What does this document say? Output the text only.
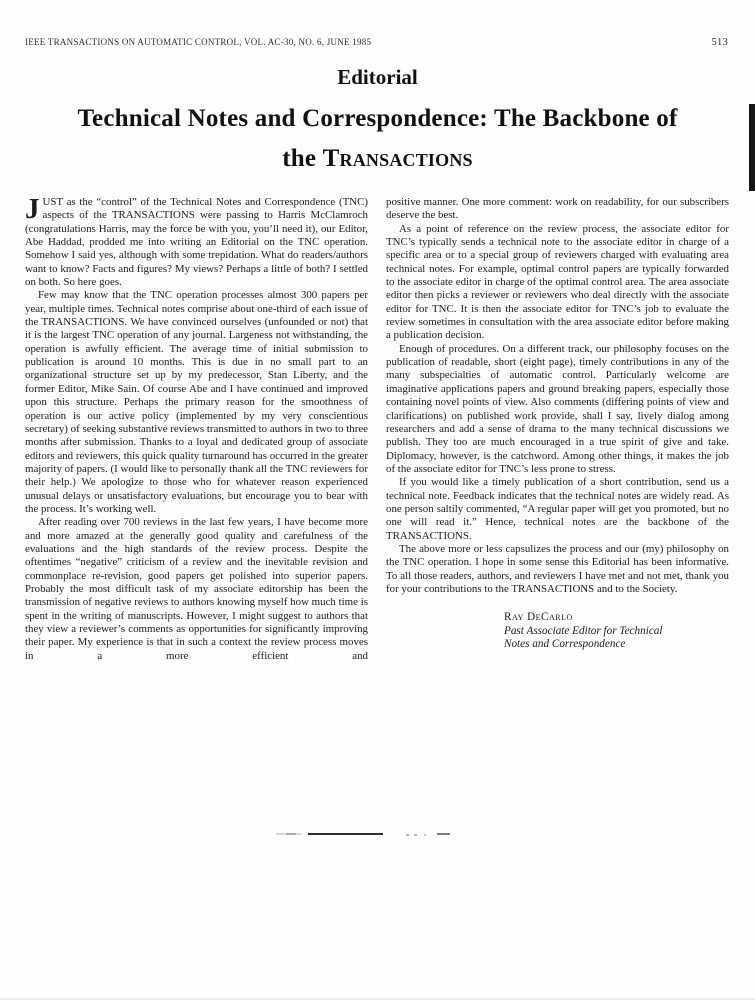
IEEE TRANSACTIONS ON AUTOMATIC CONTROL, VOL. AC-30, NO. 6, JUNE 1985	513
Editorial
Technical Notes and Correspondence: The Backbone of
the Transactions

JUST as the “control” of the Technical Notes and Correspondence (TNC) aspects of the TRANSACTIONS were passing to Harris McClamroch (congratulations Harris, may the force be with you, you’ll need it), our Editor, Abe Haddad, prodded me into writing an Editorial on the TNC operation. Somehow I said yes, although with some trepidation. What do readers/authors want to know? Facts and figures? My views? Perhaps a little of both? I settled on both. So here goes.

Few may know that the TNC operation processes almost 300 papers per year, multiple times. Technical notes comprise about one-third of each issue of the TRANSACTIONS. We have convinced ourselves (unfounded or not) that it is the largest TNC operation of any journal. Largeness not withstanding, the operation is awfully efficient. The average time of initial submission to publication is around 10 months. This is due in no small part to an organizational structure set up by my predecessor, Stan Liberty, and the former Editor, Mike Sain. Of course Abe and I have continued and improved upon this structure. Perhaps the primary reason for the smoothness of operation is our active policy (implemented by my very conscientious secretary) of seeking substantive reviews transmitted to authors in two to three months after submission. Thanks to a loyal and dedicated group of associate editors and reviewers, this quick quality turnaround has occurred in the greater majority of papers. (I would like to personally thank all the TNC reviewers for their help.) We apologize to those who for whatever reason experienced unusual delays or unsatisfactory evaluations, but encourage you to bear with the process. It’s working well.

After reading over 700 reviews in the last few years, I have become more and more amazed at the generally good quality and carefulness of the evaluations and the high standards of the review process. Despite the oftentimes “negative” criticism of a review and the inevitable revision and commonplace re-revision, good papers get polished into superior papers. Probably the most difficult task of my associate editorship has been the transmission of negative reviews to authors knowing myself how much time is spent in the writing of manuscripts. However, I might suggest to authors that they view a reviewer’s comments as opportunities for significantly improving their paper. My experience is that in such a context the review process moves in a more efficient and

positive manner. One more comment: work on readability, for our subscribers deserve the best.

As a point of reference on the review process, the associate editor for TNC’s typically sends a technical note to the associate editor in charge of a specific area or to a special group of reviewers charged with evaluating area technical notes. For example, optimal control papers are typically forwarded to the associate editor in charge of the optimal control area. The area associate editor then picks a reviewer or reviewers who deal directly with the associate editor for TNC. It is then the associate editor for TNC’s job to evaluate the review sometimes in consultation with the area associate editor before making a publication decision.

Enough of procedures. On a different track, our philosophy focuses on the publication of readable, short (eight page), timely contributions in any of the many subspecialties of automatic control. Particularly welcome are imaginative applications papers and ground breaking papers, especially those containing novel points of view. Also comments (differing points of view and clarifications) on published work provide, shall I say, lively dialog among researchers and add a sense of drama to the many technical discussions we publish. They too are much encouraged in a true spirit of give and take. Diplomacy, however, is the catchword. Among other things, it makes the job of the associate editor for TNC’s less prone to stress.

If you would like a timely publication of a short contribution, send us a technical note. Feedback indicates that the technical notes are widely read. As one person saltily commented, “A regular paper will get you promoted, but no one will read it.” Hence, technical notes are the backbone of the TRANSACTIONS.

The above more or less capsulizes the process and our (my) philosophy on the TNC operation. I hope in some sense this Editorial has been informative. To all those readers, authors, and reviewers I have met and not met, thank you for your contributions to the TRANSACTIONS and to the Society.

Ray DeCarlo
Past Associate Editor for Technical
Notes and Correspondence
